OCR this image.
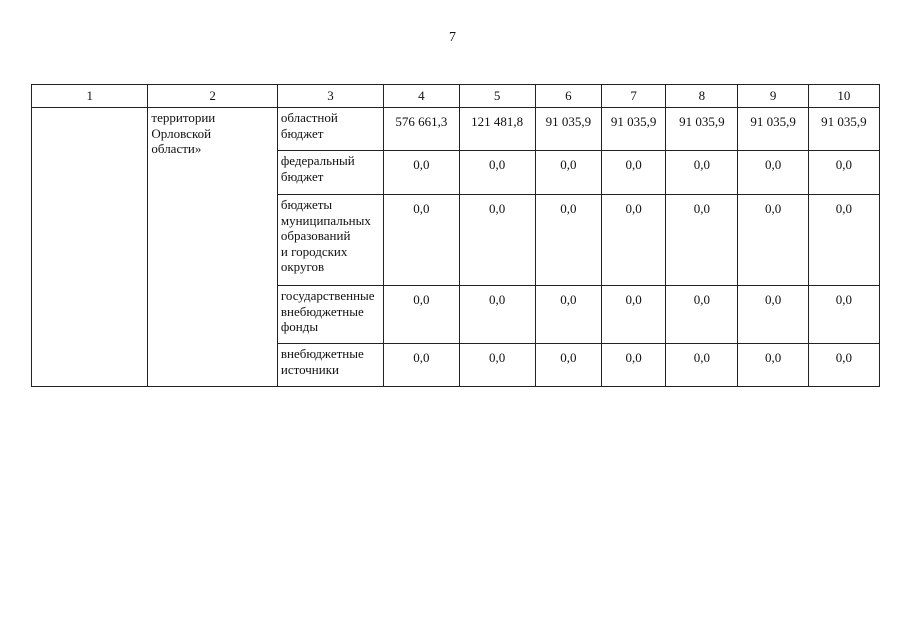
7
1	2	3	4	5	6	7	8	9	10
	территории
Орловской
области»	областной
бюджет	576 661,3	121 481,8	91 035,9	91 035,9	91 035,9	91 035,9	91 035,9
		федеральный
бюджет	0,0	0,0	0,0	0,0	0,0	0,0	0,0
		бюджеты
муниципальных
образований
и городских
округов	0,0	0,0	0,0	0,0	0,0	0,0	0,0
		государственные
внебюджетные
фонды	0,0	0,0	0,0	0,0	0,0	0,0	0,0
		внебюджетные
источники	0,0	0,0	0,0	0,0	0,0	0,0	0,0
